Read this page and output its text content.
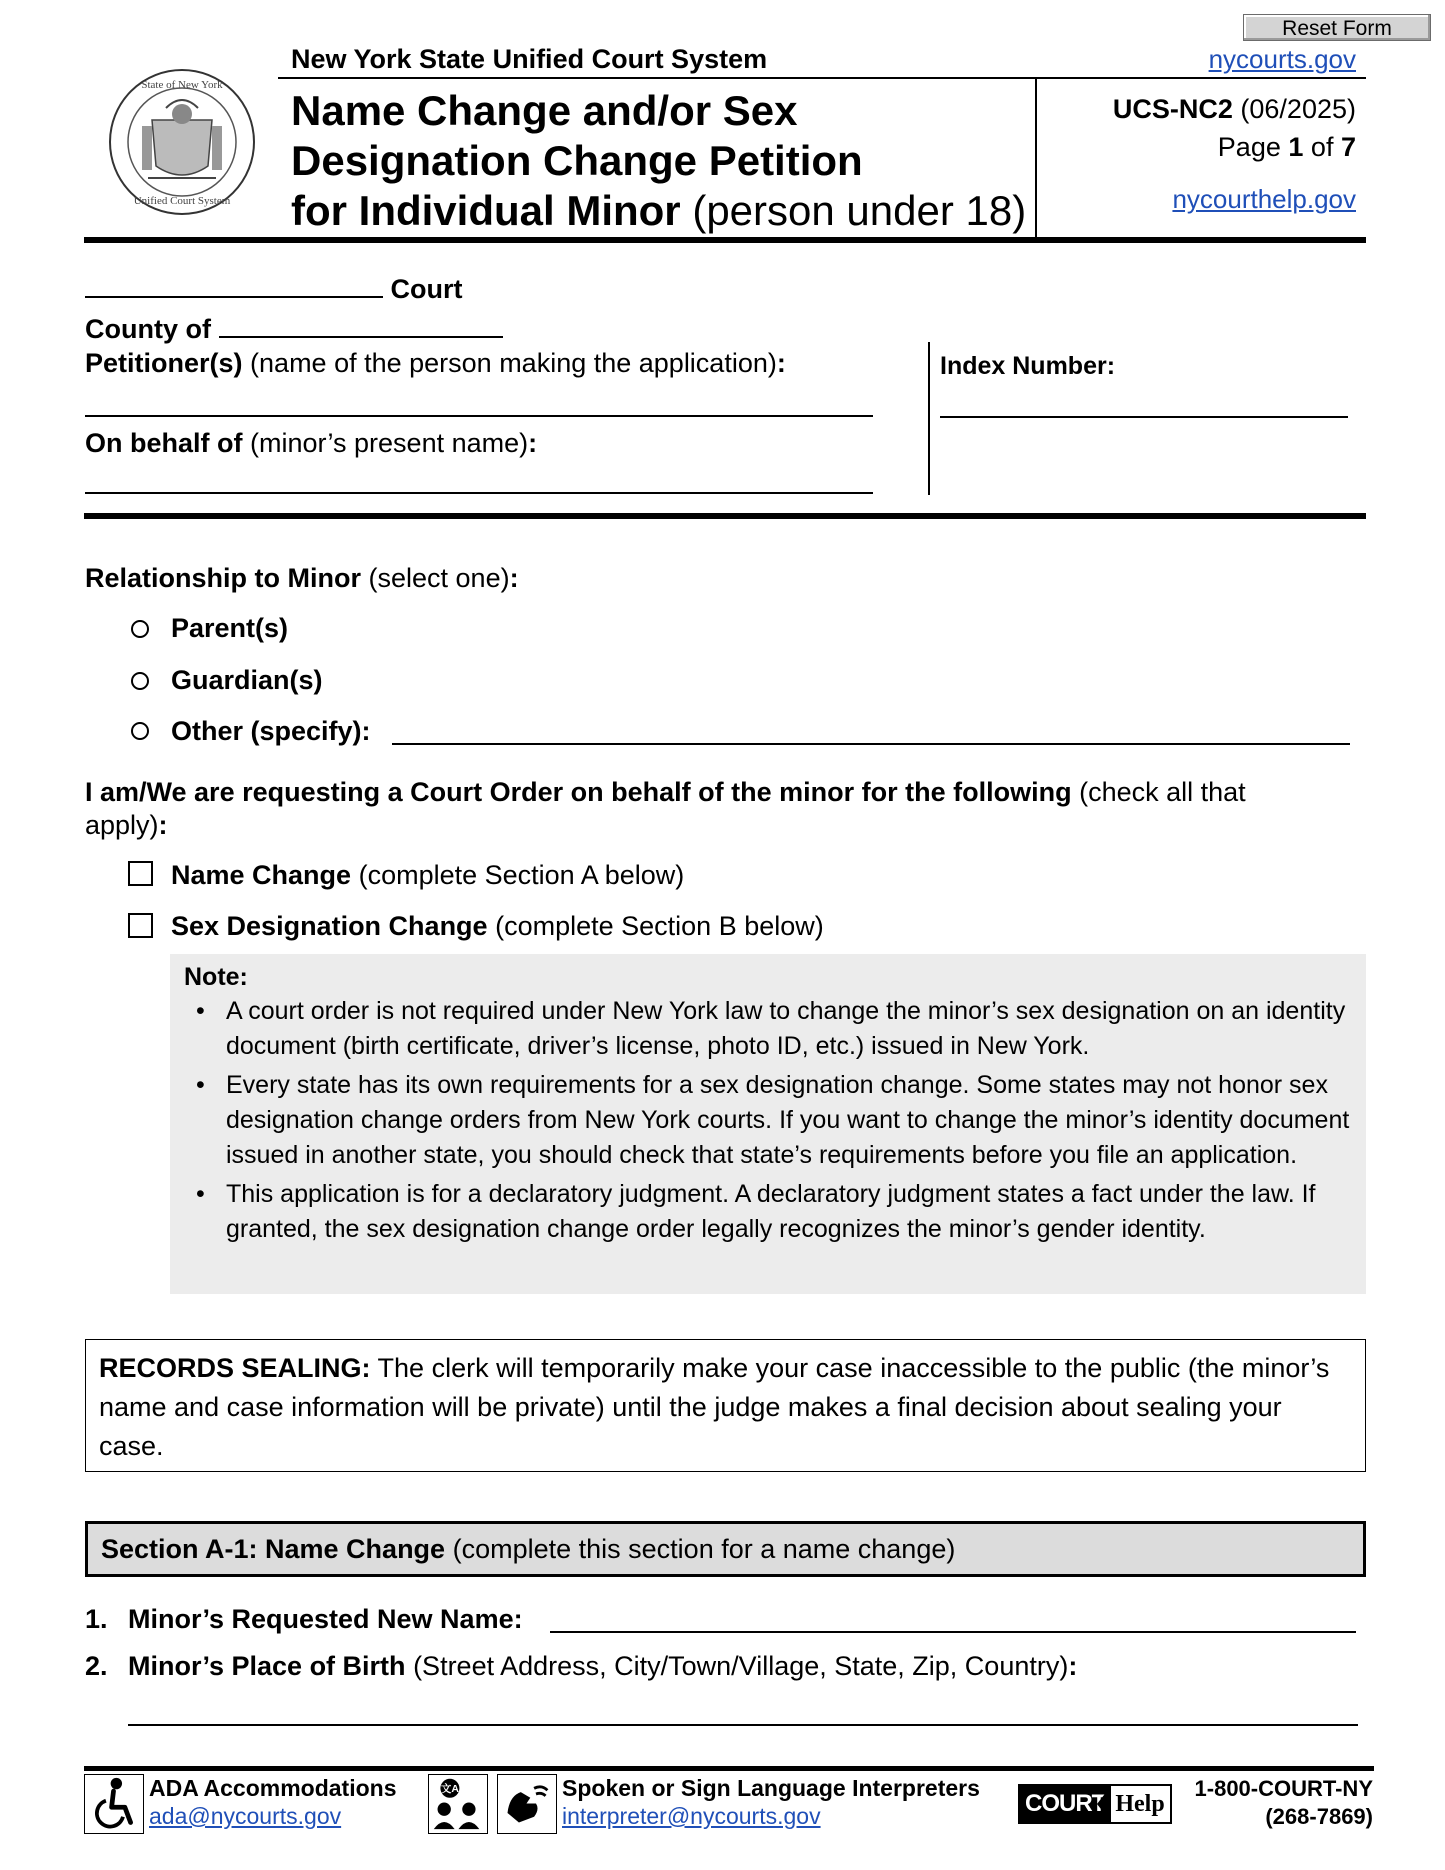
Reset Form
State of New York
Unified Court System
New York State Unified Court System	nycourts.gov
Name Change and/or Sex
Designation Change Petition
for Individual Minor (person under 18)
UCS-NC2 (06/2025)
Page 1 of 7
nycourthelp.gov
Court
County of
Petitioner(s) (name of the person making the application):
On behalf of (minor’s present name):
Index Number:
Relationship to Minor (select one):
Parent(s)
Guardian(s)
Other (specify):
I am/We are requesting a Court Order on behalf of the minor for the following (check all that
apply):
Name Change (complete Section A below)
Sex Designation Change (complete Section B below)
Note:
• A court order is not required under New York law to change the minor’s sex designation on an identity document (birth certificate, driver’s license, photo ID, etc.) issued in New York.
• Every state has its own requirements for a sex designation change. Some states may not honor sex designation change orders from New York courts. If you want to change the minor’s identity document issued in another state, you should check that state’s requirements before you file an application.
• This application is for a declaratory judgment. A declaratory judgment states a fact under the law. If granted, the sex designation change order legally recognizes the minor’s gender identity.
RECORDS SEALING: The clerk will temporarily make your case inaccessible to the public (the minor’s name and case information will be private) until the judge makes a final decision about sealing your case.
Section A-1: Name Change (complete this section for a name change)
1. Minor’s Requested New Name:
2. Minor’s Place of Birth (Street Address, City/Town/Village, State, Zip, Country):
ADA Accommodations
ada@nycourts.gov
文A	Spoken or Sign Language Interpreters
interpreter@nycourts.gov	COURT Help
1-800-COURT-NY
(268-7869)
